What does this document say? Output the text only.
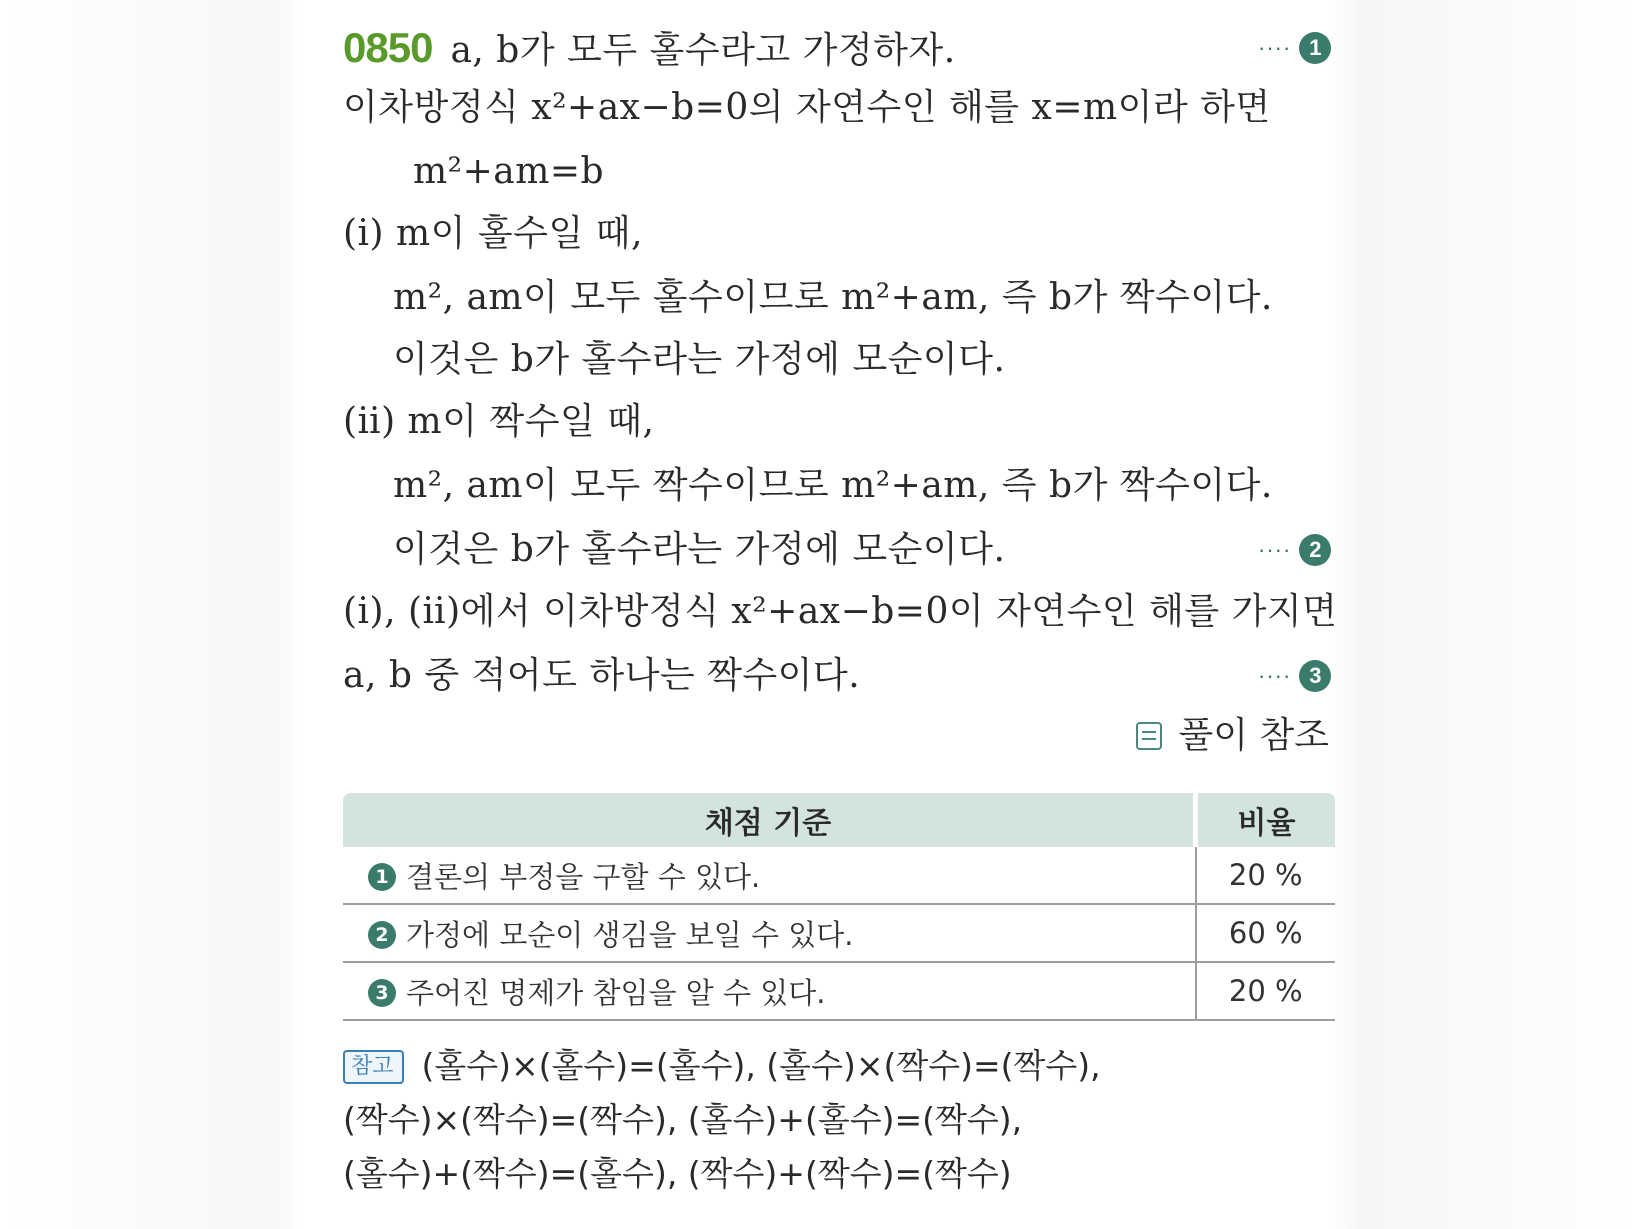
0850 a, b가 모두 홀수라고 가정하자.	···· 1
이차방정식 x²+ax−b=0의 자연수인 해를 x=m이라 하면
m²+am=b
(ⅰ) m이 홀수일 때,
m², am이 모두 홀수이므로 m²+am, 즉 b가 짝수이다.
이것은 b가 홀수라는 가정에 모순이다.
(ⅱ) m이 짝수일 때,
m², am이 모두 짝수이므로 m²+am, 즉 b가 짝수이다.
이것은 b가 홀수라는 가정에 모순이다.	···· 2
(ⅰ), (ⅱ)에서 이차방정식 x²+ax−b=0이 자연수인 해를 가지면
a, b 중 적어도 하나는 짝수이다.	···· 3
풀이 참조
채점 기준	비율
1 결론의 부정을 구할 수 있다.	20 %
2 가정에 모순이 생김을 보일 수 있다.	60 %
3 주어진 명제가 참임을 알 수 있다.	20 %
참고 (홀수)×(홀수)=(홀수), (홀수)×(짝수)=(짝수),
(짝수)×(짝수)=(짝수), (홀수)+(홀수)=(짝수),
(홀수)+(짝수)=(홀수), (짝수)+(짝수)=(짝수)
